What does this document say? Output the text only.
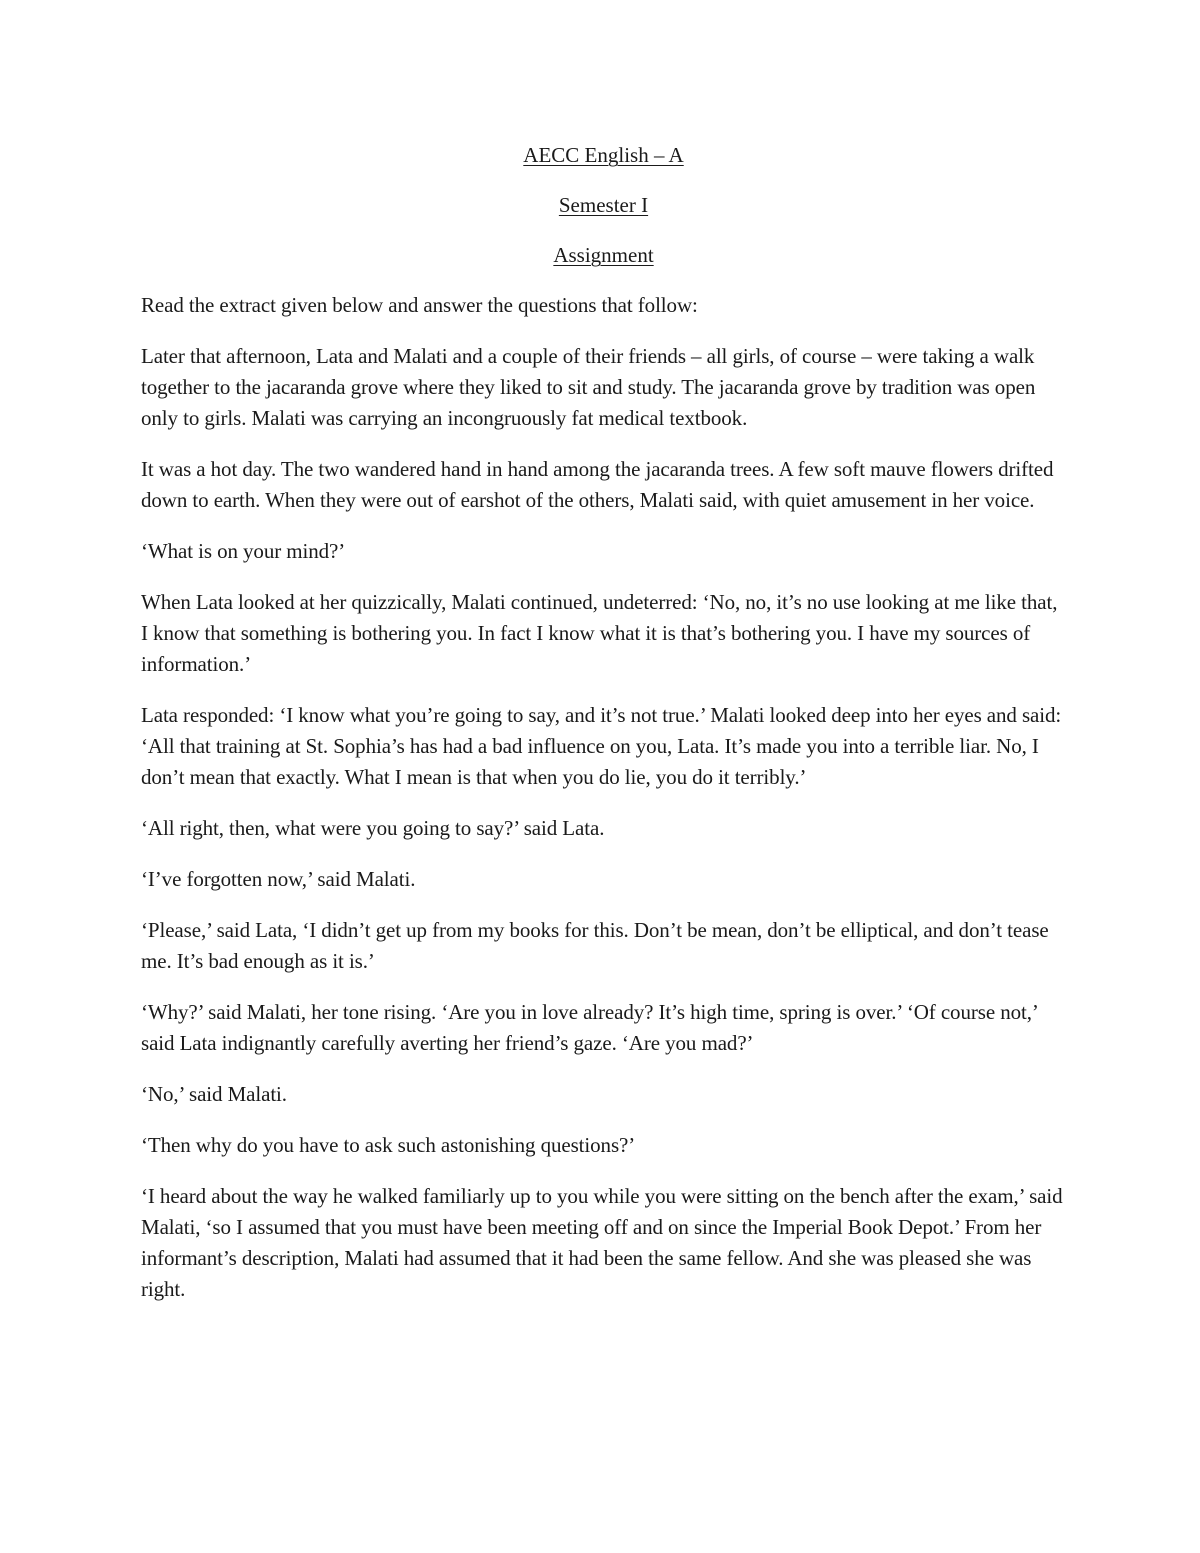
AECC English – A

Semester I

Assignment

Read the extract given below and answer the questions that follow:

Later that afternoon, Lata and Malati and a couple of their friends – all girls, of course – were taking a walk together to the jacaranda grove where they liked to sit and study. The jacaranda grove by tradition was open only to girls. Malati was carrying an incongruously fat medical textbook.

It was a hot day. The two wandered hand in hand among the jacaranda trees. A few soft mauve flowers drifted down to earth. When they were out of earshot of the others, Malati said, with quiet amusement in her voice.

‘What is on your mind?’

When Lata looked at her quizzically, Malati continued, undeterred: ‘No, no, it’s no use looking at me like that, I know that something is bothering you. In fact I know what it is that’s bothering you. I have my sources of information.’

Lata responded: ‘I know what you’re going to say, and it’s not true.’ Malati looked deep into her eyes and said: ‘All that training at St. Sophia’s has had a bad influence on you, Lata. It’s made you into a terrible liar. No, I don’t mean that exactly. What I mean is that when you do lie, you do it terribly.’

‘All right, then, what were you going to say?’ said Lata.

‘I’ve forgotten now,’ said Malati.

‘Please,’ said Lata, ‘I didn’t get up from my books for this. Don’t be mean, don’t be elliptical, and don’t tease me. It’s bad enough as it is.’

‘Why?’ said Malati, her tone rising. ‘Are you in love already? It’s high time, spring is over.’ ‘Of course not,’ said Lata indignantly carefully averting her friend’s gaze. ‘Are you mad?’

‘No,’ said Malati.

‘Then why do you have to ask such astonishing questions?’

‘I heard about the way he walked familiarly up to you while you were sitting on the bench after the exam,’ said Malati, ‘so I assumed that you must have been meeting off and on since the Imperial Book Depot.’ From her informant’s description, Malati had assumed that it had been the same fellow. And she was pleased she was right.
